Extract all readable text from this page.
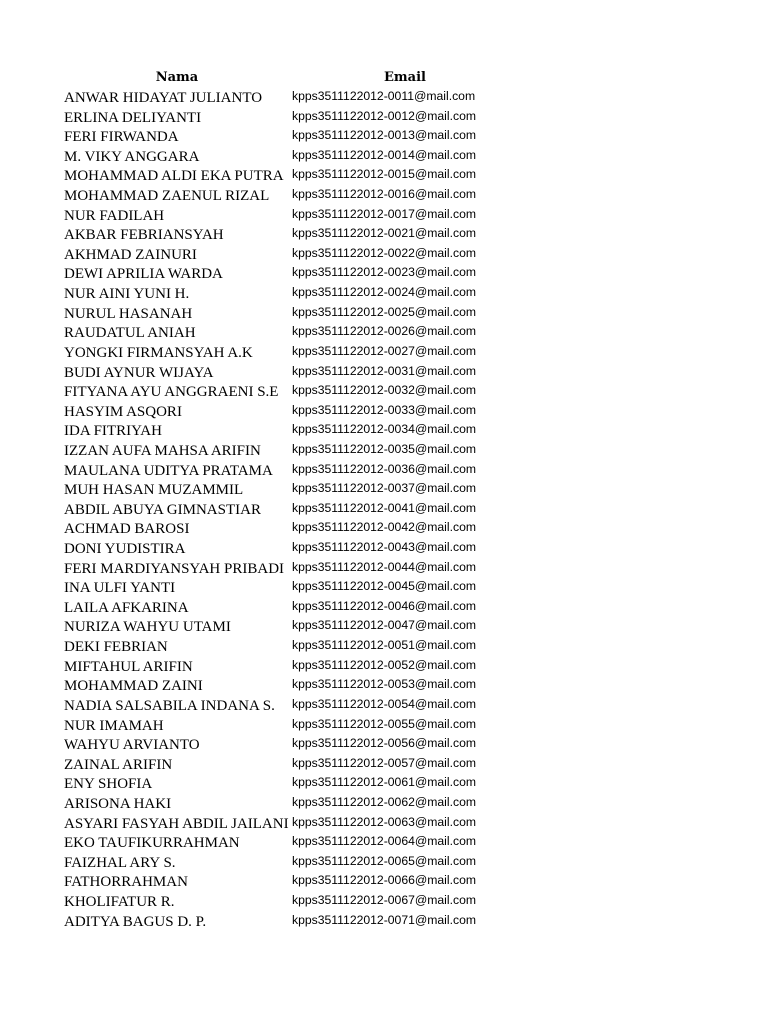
Nama	Email
ANWAR HIDAYAT JULIANTO	kpps3511122012-0011@mail.com
ERLINA DELIYANTI	kpps3511122012-0012@mail.com
FERI FIRWANDA	kpps3511122012-0013@mail.com
M. VIKY ANGGARA	kpps3511122012-0014@mail.com
MOHAMMAD ALDI EKA PUTRA kpps3511122012-0015@mail.com
MOHAMMAD ZAENUL RIZAL	kpps3511122012-0016@mail.com
NUR FADILAH	kpps3511122012-0017@mail.com
AKBAR FEBRIANSYAH	kpps3511122012-0021@mail.com
AKHMAD ZAINURI	kpps3511122012-0022@mail.com
DEWI APRILIA WARDA	kpps3511122012-0023@mail.com
NUR AINI YUNI H.	kpps3511122012-0024@mail.com
NURUL HASANAH	kpps3511122012-0025@mail.com
RAUDATUL ANIAH	kpps3511122012-0026@mail.com
YONGKI FIRMANSYAH A.K	kpps3511122012-0027@mail.com
BUDI AYNUR WIJAYA	kpps3511122012-0031@mail.com
FITYANA AYU ANGGRAENI S.E	kpps3511122012-0032@mail.com
HASYIM ASQORI	kpps3511122012-0033@mail.com
IDA FITRIYAH	kpps3511122012-0034@mail.com
IZZAN AUFA MAHSA ARIFIN	kpps3511122012-0035@mail.com
MAULANA UDITYA PRATAMA	kpps3511122012-0036@mail.com
MUH HASAN MUZAMMIL	kpps3511122012-0037@mail.com
ABDIL ABUYA GIMNASTIAR	kpps3511122012-0041@mail.com
ACHMAD BAROSI	kpps3511122012-0042@mail.com
DONI YUDISTIRA	kpps3511122012-0043@mail.com
FERI MARDIYANSYAH PRIBADI kpps3511122012-0044@mail.com
INA ULFI YANTI	kpps3511122012-0045@mail.com
LAILA AFKARINA	kpps3511122012-0046@mail.com
NURIZA WAHYU UTAMI	kpps3511122012-0047@mail.com
DEKI FEBRIAN	kpps3511122012-0051@mail.com
MIFTAHUL ARIFIN	kpps3511122012-0052@mail.com
MOHAMMAD ZAINI	kpps3511122012-0053@mail.com
NADIA SALSABILA INDANA S.	kpps3511122012-0054@mail.com
NUR IMAMAH	kpps3511122012-0055@mail.com
WAHYU ARVIANTO	kpps3511122012-0056@mail.com
ZAINAL ARIFIN	kpps3511122012-0057@mail.com
ENY SHOFIA	kpps3511122012-0061@mail.com
ARISONA HAKI	kpps3511122012-0062@mail.com
ASYARI FASYAH ABDIL JAILANI kpps3511122012-0063@mail.com
EKO TAUFIKURRAHMAN	kpps3511122012-0064@mail.com
FAIZHAL ARY S.	kpps3511122012-0065@mail.com
FATHORRAHMAN	kpps3511122012-0066@mail.com
KHOLIFATUR R.	kpps3511122012-0067@mail.com
ADITYA BAGUS D. P.	kpps3511122012-0071@mail.com
